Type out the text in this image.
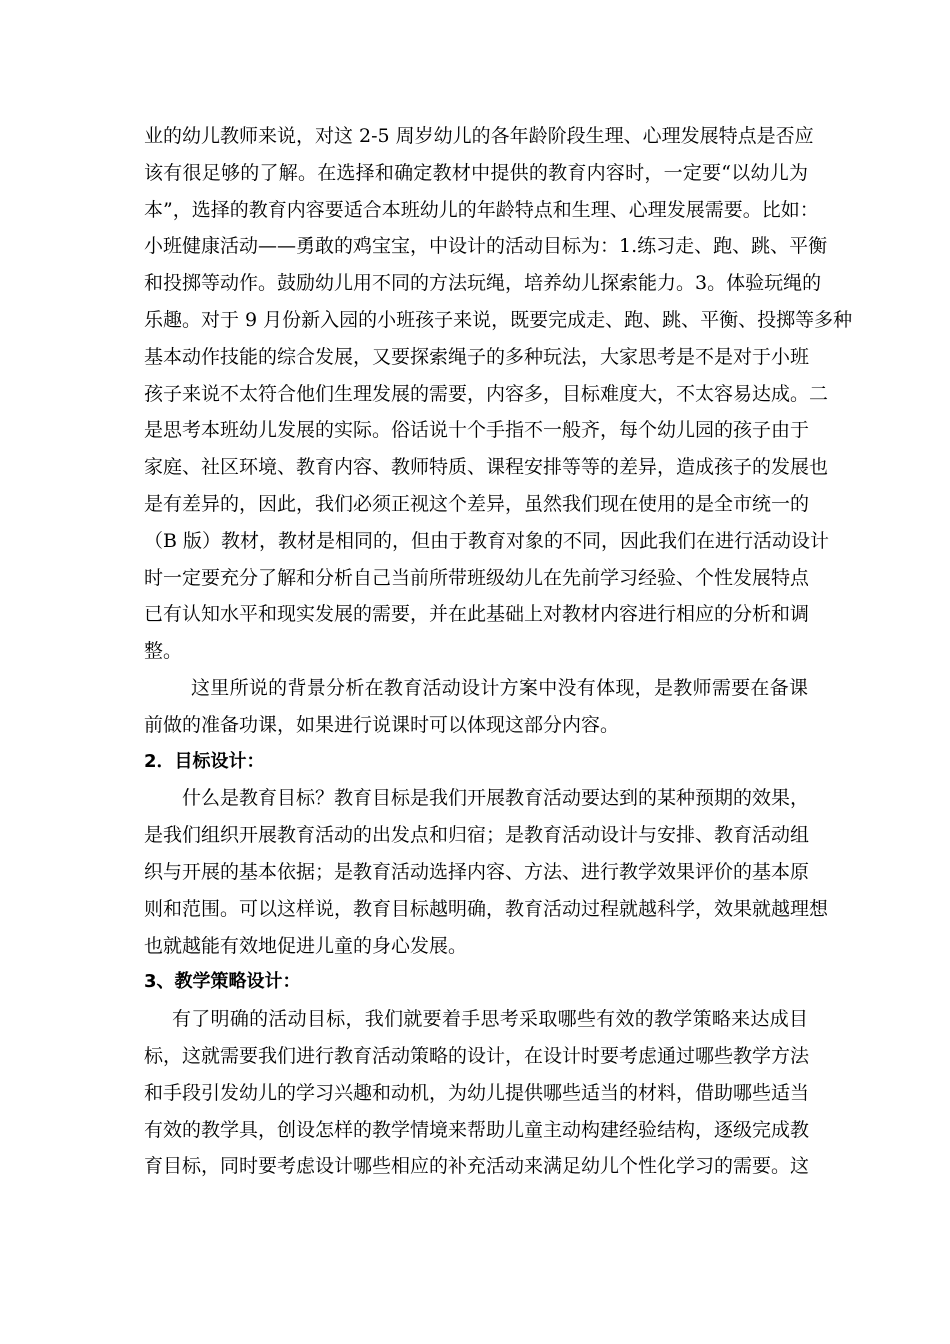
业的幼儿教师来说，对这 2-5 周岁幼儿的各年龄阶段生理、心理发展特点是否应
该有很足够的了解。在选择和确定教材中提供的教育内容时，一定要“以幼儿为
本”，选择的教育内容要适合本班幼儿的年龄特点和生理、心理发展需要。比如：
小班健康活动——勇敢的鸡宝宝，中设计的活动目标为：1.练习走、跑、跳、平衡
和投掷等动作。鼓励幼儿用不同的方法玩绳，培养幼儿探索能力。3。体验玩绳的
乐趣。对于 9 月份新入园的小班孩子来说，既要完成走、跑、跳、平衡、投掷等多种
基本动作技能的综合发展，又要探索绳子的多种玩法，大家思考是不是对于小班
孩子来说不太符合他们生理发展的需要，内容多，目标难度大，不太容易达成。二
是思考本班幼儿发展的实际。俗话说十个手指不一般齐，每个幼儿园的孩子由于
家庭、社区环境、教育内容、教师特质、课程安排等等的差异，造成孩子的发展也
是有差异的，因此，我们必须正视这个差异，虽然我们现在使用的是全市统一的
（B 版）教材，教材是相同的，但由于教育对象的不同，因此我们在进行活动设计
时一定要充分了解和分析自己当前所带班级幼儿在先前学习经验、个性发展特点
已有认知水平和现实发展的需要，并在此基础上对教材内容进行相应的分析和调
整。
这里所说的背景分析在教育活动设计方案中没有体现，是教师需要在备课
前做的准备功课，如果进行说课时可以体现这部分内容。
2．目标设计：
什么是教育目标？教育目标是我们开展教育活动要达到的某种预期的效果，
是我们组织开展教育活动的出发点和归宿；是教育活动设计与安排、教育活动组
织与开展的基本依据；是教育活动选择内容、方法、进行教学效果评价的基本原
则和范围。可以这样说，教育目标越明确，教育活动过程就越科学，效果就越理想
也就越能有效地促进儿童的身心发展。
3、教学策略设计：
有了明确的活动目标，我们就要着手思考采取哪些有效的教学策略来达成目
标，这就需要我们进行教育活动策略的设计，在设计时要考虑通过哪些教学方法
和手段引发幼儿的学习兴趣和动机，为幼儿提供哪些适当的材料，借助哪些适当
有效的教学具，创设怎样的教学情境来帮助儿童主动构建经验结构，逐级完成教
育目标，同时要考虑设计哪些相应的补充活动来满足幼儿个性化学习的需要。这
